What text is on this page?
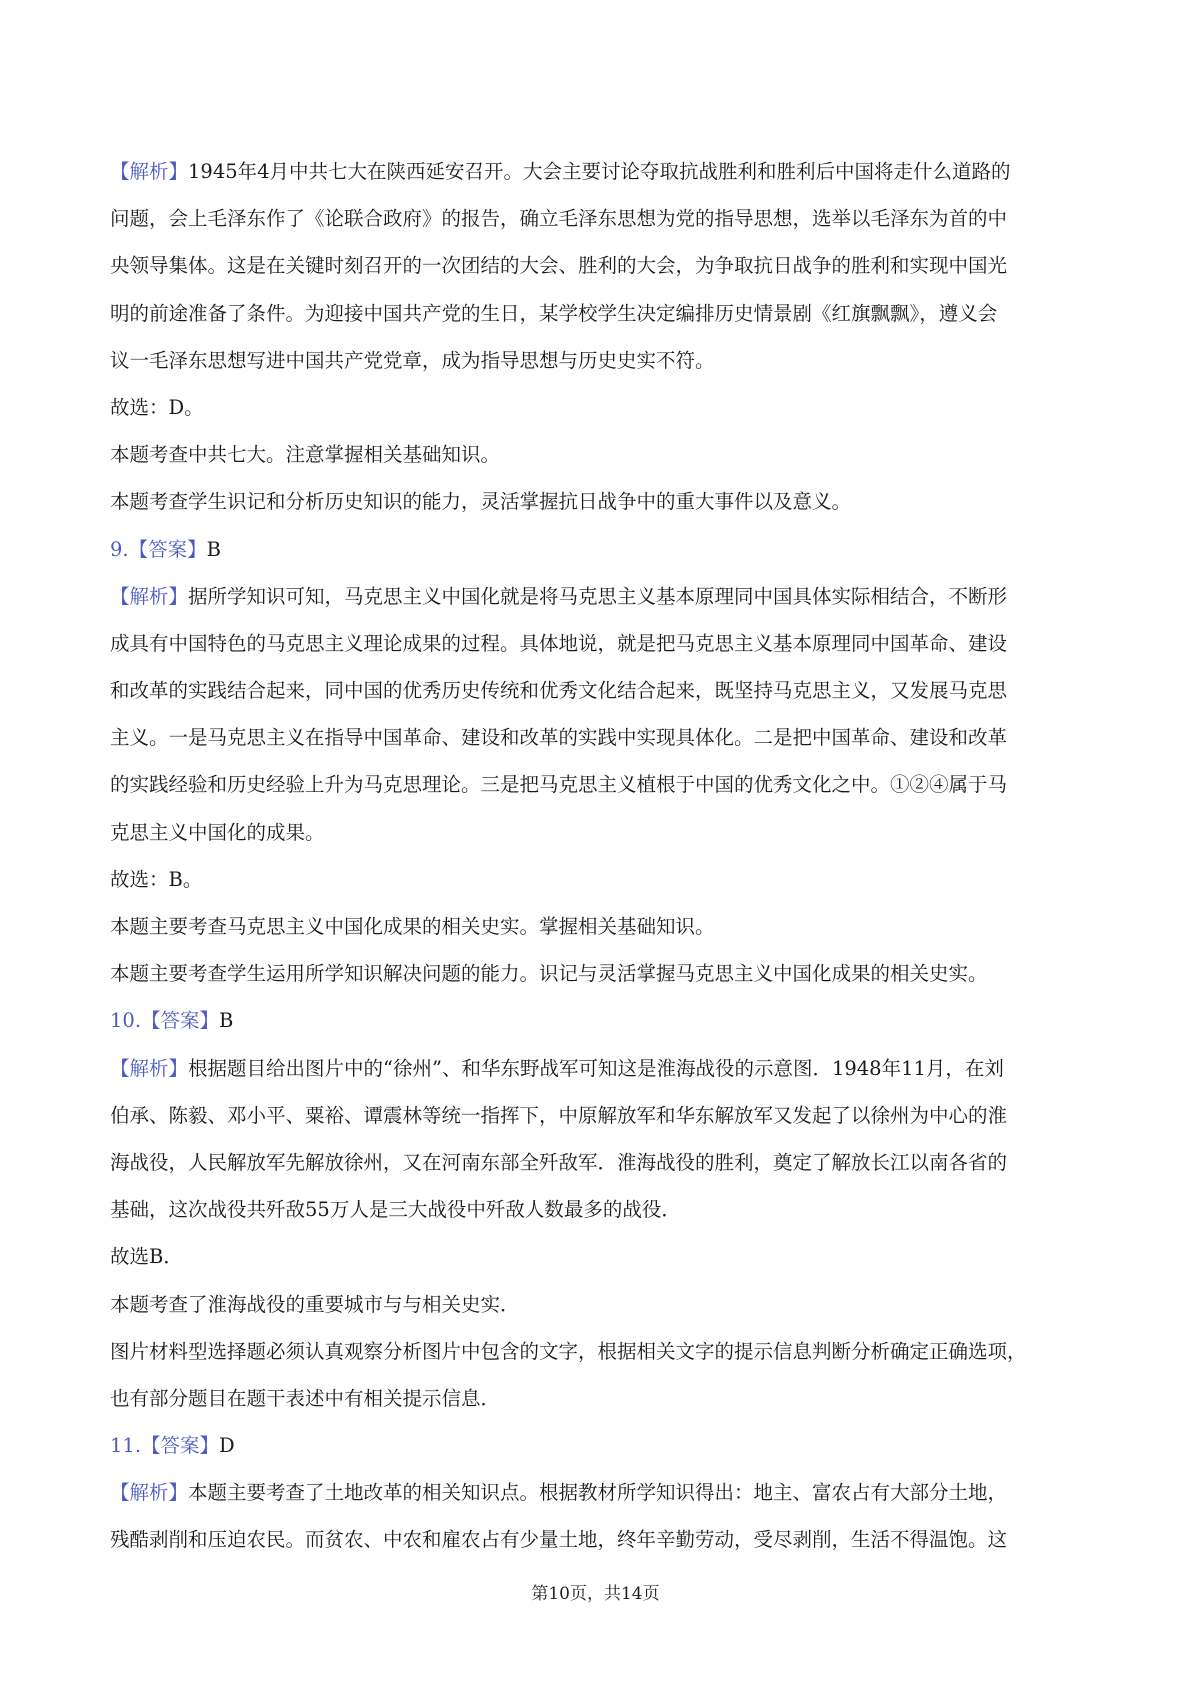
【解析】1945年4月中共七大在陕西延安召开。大会主要讨论夺取抗战胜利和胜利后中国将走什么道路的
问题，会上毛泽东作了《论联合政府》的报告，确立毛泽东思想为党的指导思想，选举以毛泽东为首的中
央领导集体。这是在关键时刻召开的一次团结的大会、胜利的大会，为争取抗日战争的胜利和实现中国光
明的前途准备了条件。为迎接中国共产党的生日，某学校学生决定编排历史情景剧《红旗飘飘》，遵义会
议一毛泽东思想写进中国共产党党章，成为指导思想与历史史实不符。
故选：D。
本题考查中共七大。注意掌握相关基础知识。
本题考查学生识记和分析历史知识的能力，灵活掌握抗日战争中的重大事件以及意义。
9.【答案】B
【解析】据所学知识可知，马克思主义中国化就是将马克思主义基本原理同中国具体实际相结合，不断形
成具有中国特色的马克思主义理论成果的过程。具体地说，就是把马克思主义基本原理同中国革命、建设
和改革的实践结合起来，同中国的优秀历史传统和优秀文化结合起来，既坚持马克思主义，又发展马克思
主义。一是马克思主义在指导中国革命、建设和改革的实践中实现具体化。二是把中国革命、建设和改革
的实践经验和历史经验上升为马克思理论。三是把马克思主义植根于中国的优秀文化之中。①②④属于马
克思主义中国化的成果。
故选：B。
本题主要考查马克思主义中国化成果的相关史实。掌握相关基础知识。
本题主要考查学生运用所学知识解决问题的能力。识记与灵活掌握马克思主义中国化成果的相关史实。
10.【答案】B
【解析】根据题目给出图片中的“徐州”、和华东野战军可知这是淮海战役的示意图．1948年11月，在刘
伯承、陈毅、邓小平、粟裕、谭震林等统一指挥下，中原解放军和华东解放军又发起了以徐州为中心的淮
海战役，人民解放军先解放徐州，又在河南东部全歼敌军．淮海战役的胜利，奠定了解放长江以南各省的
基础，这次战役共歼敌55万人是三大战役中歼敌人数最多的战役．
故选B．
本题考查了淮海战役的重要城市与与相关史实．
图片材料型选择题必须认真观察分析图片中包含的文字，根据相关文字的提示信息判断分析确定正确选项，
也有部分题目在题干表述中有相关提示信息．
11.【答案】D
【解析】本题主要考查了土地改革的相关知识点。根据教材所学知识得出：地主、富农占有大部分土地，
残酷剥削和压迫农民。而贫农、中农和雇农占有少量土地，终年辛勤劳动，受尽剥削，生活不得温饱。这
第10页，共14页
